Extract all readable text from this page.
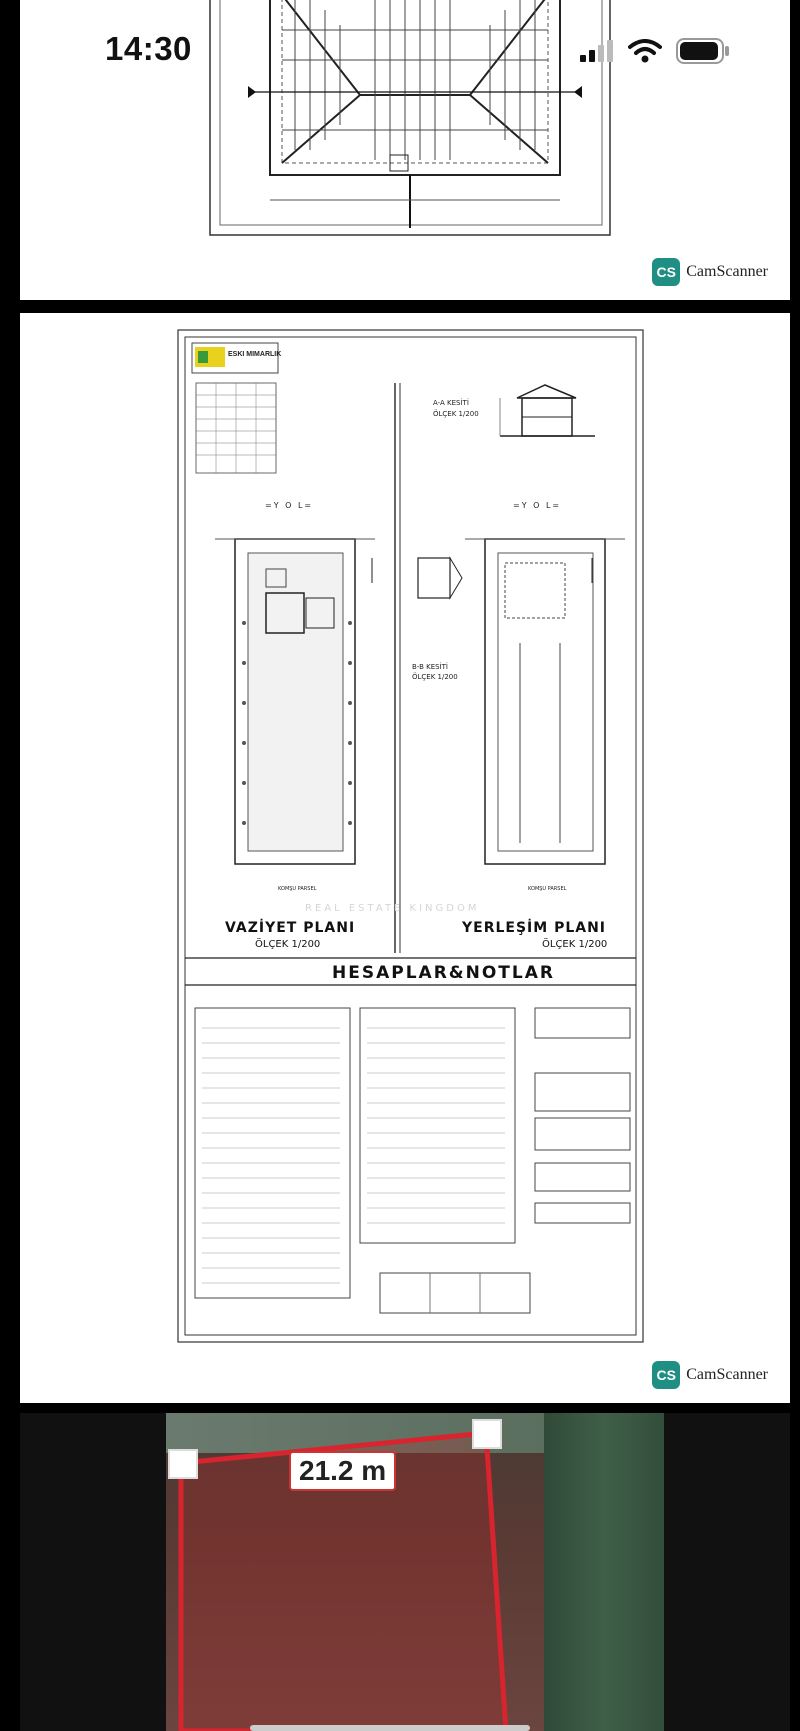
14:30
CS CamScanner
ESKI MIMARLIK
A-A KESİTİ
ÖLÇEK 1/200
=Y O L=	=Y O L=
B-B KESİTİ
ÖLÇEK 1/200
KOMŞU PARSEL	KOMŞU PARSEL
REAL ESTATE KINGDOM
VAZİYET PLANI
ÖLÇEK 1/200
YERLEŞİM PLANI
ÖLÇEK 1/200
HESAPLAR&NOTLAR
CS CamScanner
21.2 m
